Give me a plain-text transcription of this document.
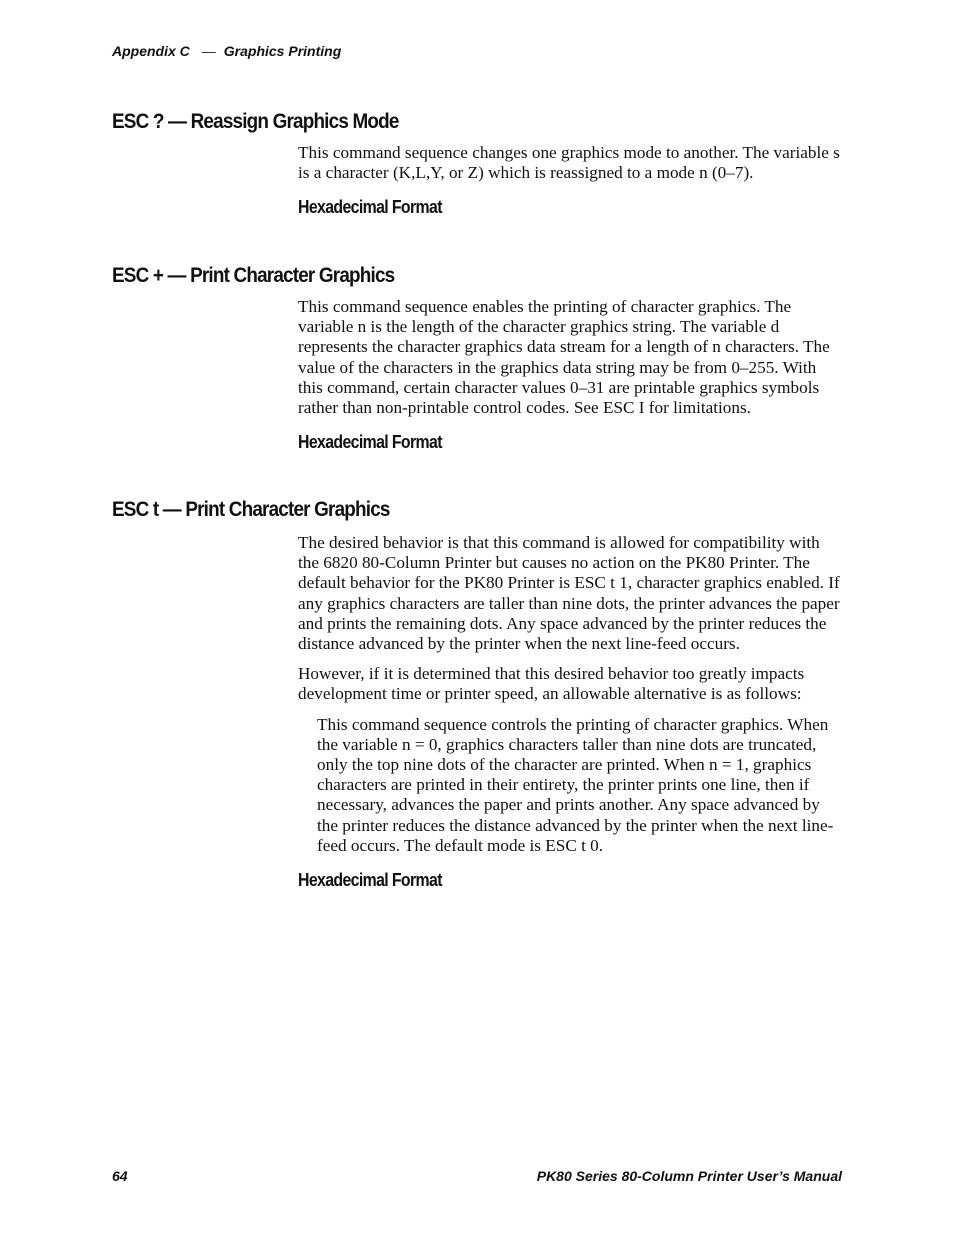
Appendix C — Graphics Printing
ESC ? — Reassign Graphics Mode

This command sequence changes one graphics mode to another. The variable s is a character (K,L,Y, or Z) which is reassigned to a mode n (0–7).

Hexadecimal Format
ESC + — Print Character Graphics

This command sequence enables the printing of character graphics. The variable n is the length of the character graphics string. The variable d represents the character graphics data stream for a length of n characters. The value of the characters in the graphics data string may be from 0–255. With this command, certain character values 0–31 are printable graphics symbols rather than non-printable control codes. See ESC I for limitations.

Hexadecimal Format
ESC t — Print Character Graphics

The desired behavior is that this command is allowed for compatibility with the 6820 80-Column Printer but causes no action on the PK80 Printer. The default behavior for the PK80 Printer is ESC t 1, character graphics enabled. If any graphics characters are taller than nine dots, the printer advances the paper and prints the remaining dots. Any space advanced by the printer reduces the distance advanced by the printer when the next line-feed occurs.

However, if it is determined that this desired behavior too greatly impacts development time or printer speed, an allowable alternative is as follows:

This command sequence controls the printing of character graphics. When the variable n = 0, graphics characters taller than nine dots are truncated, only the top nine dots of the character are printed. When n = 1, graphics characters are printed in their entirety, the printer prints one line, then if necessary, advances the paper and prints another. Any space advanced by the printer reduces the distance advanced by the printer when the next line-feed occurs. The default mode is ESC t 0.

Hexadecimal Format
64	PK80 Series 80-Column Printer User’s Manual
